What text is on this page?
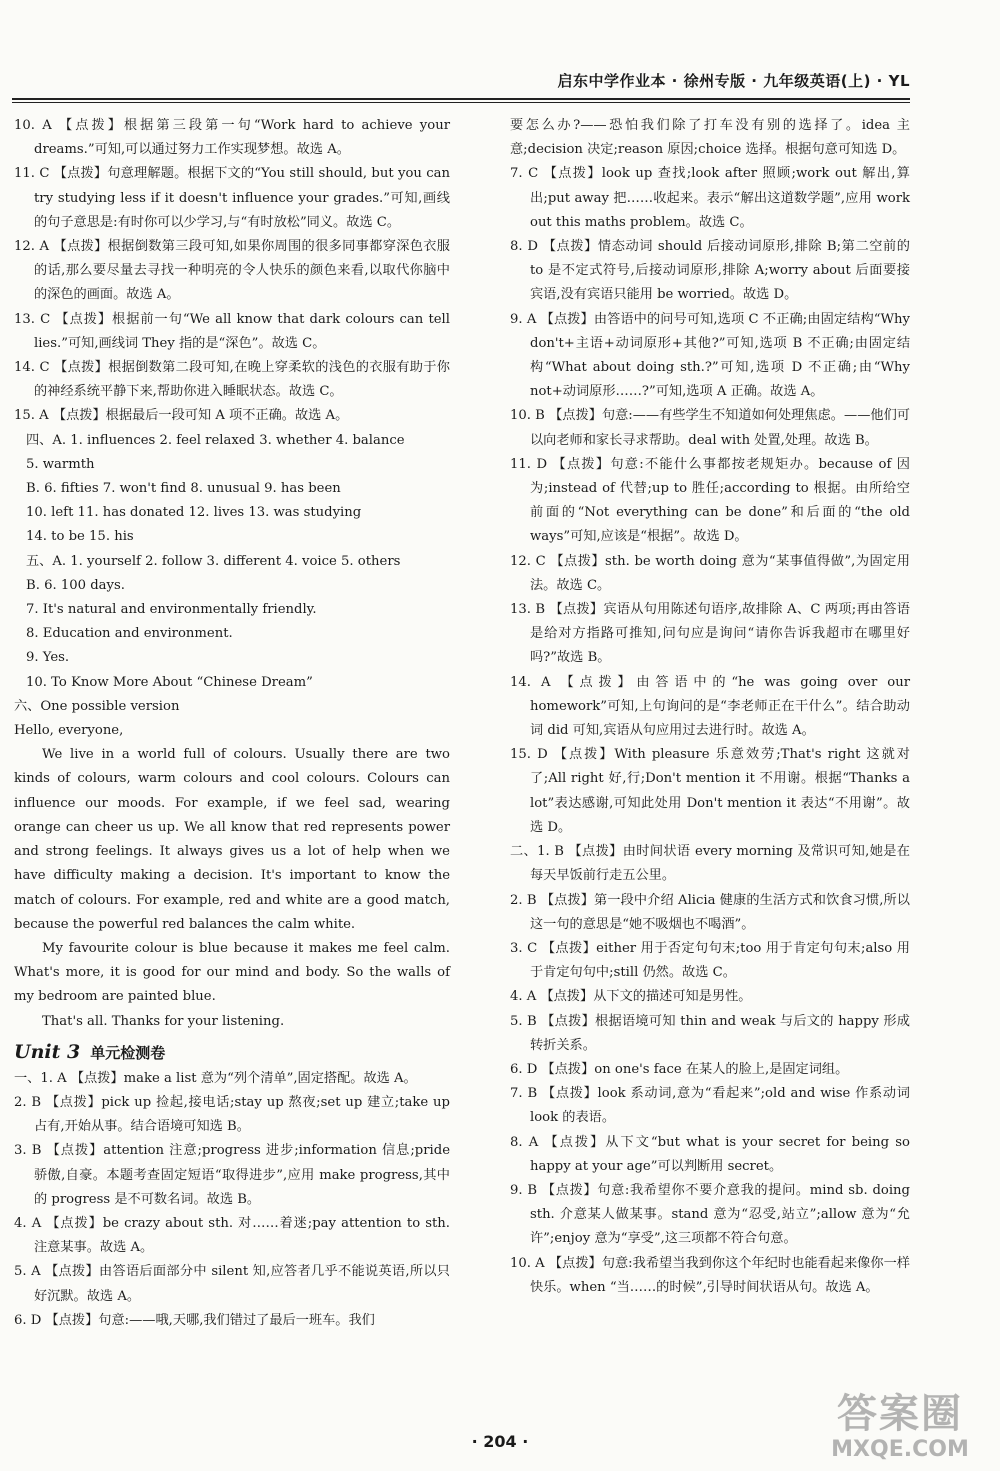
启东中学作业本 · 徐州专版 · 九年级英语(上) · YL

10. A 【点拨】根据第三段第一句“Work hard to achieve your dreams.”可知,可以通过努力工作实现梦想。故选 A。

11. C 【点拨】句意理解题。根据下文的“You still should, but you can try studying less if it doesn't influence your grades.”可知,画线的句子意思是:有时你可以少学习,与“有时放松”同义。故选 C。

12. A 【点拨】根据倒数第三段可知,如果你周围的很多同事都穿深色衣服的话,那么要尽量去寻找一种明亮的令人快乐的颜色来看,以取代你脑中的深色的画面。故选 A。

13. C 【点拨】根据前一句“We all know that dark colours can tell lies.”可知,画线词 They 指的是“深色”。故选 C。

14. C 【点拨】根据倒数第二段可知,在晚上穿柔软的浅色的衣服有助于你的神经系统平静下来,帮助你进入睡眠状态。故选 C。

15. A 【点拨】根据最后一段可知 A 项不正确。故选 A。

四、A. 1. influences 2. feel relaxed 3. whether 4. balance

5. warmth

B. 6. fifties 7. won't find 8. unusual 9. has been

10. left 11. has donated 12. lives 13. was studying

14. to be 15. his

五、A. 1. yourself 2. follow 3. different 4. voice 5. others

B. 6. 100 days.

7. It's natural and environmentally friendly.

8. Education and environment.

9. Yes.

10. To Know More About “Chinese Dream”

六、One possible version

Hello, everyone,

We live in a world full of colours. Usually there are two kinds of colours, warm colours and cool colours. Colours can influence our moods. For example, if we feel sad, wearing orange can cheer us up. We all know that red represents power and strong feelings. It always gives us a lot of help when we have difficulty making a decision. It's important to know the match of colours. For example, red and white are a good match, because the powerful red balances the calm white.

My favourite colour is blue because it makes me feel calm. What's more, it is good for our mind and body. So the walls of my bedroom are painted blue.

That's all. Thanks for your listening.

Unit 3 单元检测卷

一、1. A 【点拨】make a list 意为“列个清单”,固定搭配。故选 A。

2. B 【点拨】pick up 捡起,接电话;stay up 熬夜;set up 建立;take up 占有,开始从事。结合语境可知选 B。

3. B 【点拨】attention 注意;progress 进步;information 信息;pride 骄傲,自豪。本题考查固定短语“取得进步”,应用 make progress,其中的 progress 是不可数名词。故选 B。

4. A 【点拨】be crazy about sth. 对……着迷;pay attention to sth. 注意某事。故选 A。

5. A 【点拨】由答语后面部分中 silent 知,应答者几乎不能说英语,所以只好沉默。故选 A。

6. D 【点拨】句意:——哦,天哪,我们错过了最后一班车。我们

要怎么办?——恐怕我们除了打车没有别的选择了。idea 主意;decision 决定;reason 原因;choice 选择。根据句意可知选 D。

7. C 【点拨】look up 查找;look after 照顾;work out 解出,算出;put away 把……收起来。表示“解出这道数学题”,应用 work out this maths problem。故选 C。

8. D 【点拨】情态动词 should 后接动词原形,排除 B;第二空前的 to 是不定式符号,后接动词原形,排除 A;worry about 后面要接宾语,没有宾语只能用 be worried。故选 D。

9. A 【点拨】由答语中的问号可知,选项 C 不正确;由固定结构“Why don't+主语+动词原形+其他?”可知,选项 B 不正确;由固定结构“What about doing sth.?”可知,选项 D 不正确;由“Why not+动词原形……?”可知,选项 A 正确。故选 A。

10. B 【点拨】句意:——有些学生不知道如何处理焦虑。——他们可以向老师和家长寻求帮助。deal with 处置,处理。故选 B。

11. D 【点拨】句意:不能什么事都按老规矩办。because of 因为;instead of 代替;up to 胜任;according to 根据。由所给空前面的“Not everything can be done”和后面的“the old ways”可知,应该是“根据”。故选 D。

12. C 【点拨】sth. be worth doing 意为“某事值得做”,为固定用法。故选 C。

13. B 【点拨】宾语从句用陈述句语序,故排除 A、C 两项;再由答语是给对方指路可推知,问句应是询问“请你告诉我超市在哪里好吗?”故选 B。

14. A 【点拨】由答语中的“he was going over our homework”可知,上句询问的是“李老师正在干什么”。结合助动词 did 可知,宾语从句应用过去进行时。故选 A。

15. D 【点拨】With pleasure 乐意效劳;That's right 这就对了;All right 好,行;Don't mention it 不用谢。根据“Thanks a lot”表达感谢,可知此处用 Don't mention it 表达“不用谢”。故选 D。

二、1. B 【点拨】由时间状语 every morning 及常识可知,她是在每天早饭前行走五公里。

2. B 【点拨】第一段中介绍 Alicia 健康的生活方式和饮食习惯,所以这一句的意思是“她不吸烟也不喝酒”。

3. C 【点拨】either 用于否定句句末;too 用于肯定句句末;also 用于肯定句句中;still 仍然。故选 C。

4. A 【点拨】从下文的描述可知是男性。

5. B 【点拨】根据语境可知 thin and weak 与后文的 happy 形成转折关系。

6. D 【点拨】on one's face 在某人的脸上,是固定词组。

7. B 【点拨】look 系动词,意为“看起来”;old and wise 作系动词 look 的表语。

8. A 【点拨】从下文“but what is your secret for being so happy at your age”可以判断用 secret。

9. B 【点拨】句意:我希望你不要介意我的提问。mind sb. doing sth. 介意某人做某事。stand 意为“忍受,站立”;allow 意为“允许”;enjoy 意为“享受”,这三项都不符合句意。

10. A 【点拨】句意:我希望当我到你这个年纪时也能看起来像你一样快乐。when “当……的时候”,引导时间状语从句。故选 A。

· 204 ·
答案圈
MXQE.COM
